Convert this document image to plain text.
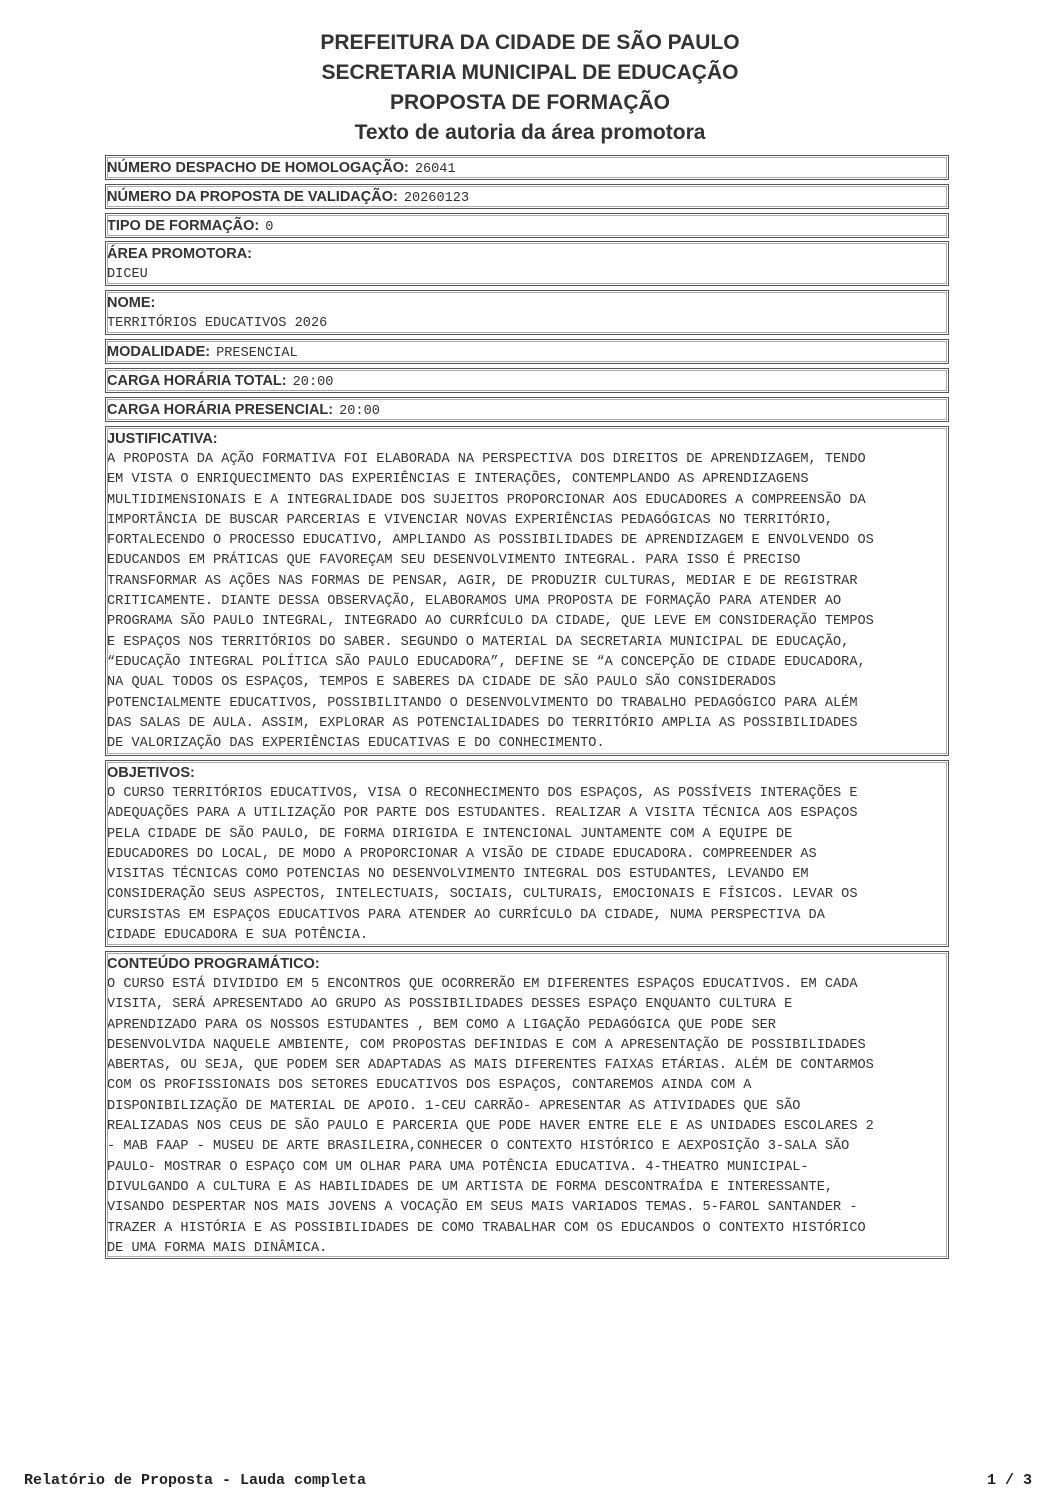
PREFEITURA DA CIDADE DE SÃO PAULO
SECRETARIA MUNICIPAL DE EDUCAÇÃO
PROPOSTA DE FORMAÇÃO
Texto de autoria da área promotora
NÚMERO DESPACHO DE HOMOLOGAÇÃO: 26041
NÚMERO DA PROPOSTA DE VALIDAÇÃO: 20260123
TIPO DE FORMAÇÃO: 0
ÁREA PROMOTORA:
DICEU
NOME:
TERRITÓRIOS EDUCATIVOS 2026
MODALIDADE: PRESENCIAL
CARGA HORÁRIA TOTAL: 20:00
CARGA HORÁRIA PRESENCIAL: 20:00
JUSTIFICATIVA:
A PROPOSTA DA AÇÃO FORMATIVA FOI ELABORADA NA PERSPECTIVA DOS DIREITOS DE APRENDIZAGEM, TENDO
EM VISTA O ENRIQUECIMENTO DAS EXPERIÊNCIAS E INTERAÇÕES, CONTEMPLANDO AS APRENDIZAGENS
MULTIDIMENSIONAIS E A INTEGRALIDADE DOS SUJEITOS PROPORCIONAR AOS EDUCADORES A COMPREENSÃO DA
IMPORTÂNCIA DE BUSCAR PARCERIAS E VIVENCIAR NOVAS EXPERIÊNCIAS PEDAGÓGICAS NO TERRITÓRIO,
FORTALECENDO O PROCESSO EDUCATIVO, AMPLIANDO AS POSSIBILIDADES DE APRENDIZAGEM E ENVOLVENDO OS
EDUCANDOS EM PRÁTICAS QUE FAVOREÇAM SEU DESENVOLVIMENTO INTEGRAL. PARA ISSO É PRECISO
TRANSFORMAR AS AÇÕES NAS FORMAS DE PENSAR, AGIR, DE PRODUZIR CULTURAS, MEDIAR E DE REGISTRAR
CRITICAMENTE. DIANTE DESSA OBSERVAÇÃO, ELABORAMOS UMA PROPOSTA DE FORMAÇÃO PARA ATENDER AO
PROGRAMA SÃO PAULO INTEGRAL, INTEGRADO AO CURRÍCULO DA CIDADE, QUE LEVE EM CONSIDERAÇÃO TEMPOS
E ESPAÇOS NOS TERRITÓRIOS DO SABER. SEGUNDO O MATERIAL DA SECRETARIA MUNICIPAL DE EDUCAÇÃO,
“EDUCAÇÃO INTEGRAL POLÍTICA SÃO PAULO EDUCADORA”, DEFINE SE “A CONCEPÇÃO DE CIDADE EDUCADORA,
NA QUAL TODOS OS ESPAÇOS, TEMPOS E SABERES DA CIDADE DE SÃO PAULO SÃO CONSIDERADOS
POTENCIALMENTE EDUCATIVOS, POSSIBILITANDO O DESENVOLVIMENTO DO TRABALHO PEDAGÓGICO PARA ALÉM
DAS SALAS DE AULA. ASSIM, EXPLORAR AS POTENCIALIDADES DO TERRITÓRIO AMPLIA AS POSSIBILIDADES
DE VALORIZAÇÃO DAS EXPERIÊNCIAS EDUCATIVAS E DO CONHECIMENTO.
OBJETIVOS:
O CURSO TERRITÓRIOS EDUCATIVOS, VISA O RECONHECIMENTO DOS ESPAÇOS, AS POSSÍVEIS INTERAÇÕES E
ADEQUAÇÕES PARA A UTILIZAÇÃO POR PARTE DOS ESTUDANTES. REALIZAR A VISITA TÉCNICA AOS ESPAÇOS
PELA CIDADE DE SÃO PAULO, DE FORMA DIRIGIDA E INTENCIONAL JUNTAMENTE COM A EQUIPE DE
EDUCADORES DO LOCAL, DE MODO A PROPORCIONAR A VISÃO DE CIDADE EDUCADORA. COMPREENDER AS
VISITAS TÉCNICAS COMO POTENCIAS NO DESENVOLVIMENTO INTEGRAL DOS ESTUDANTES, LEVANDO EM
CONSIDERAÇÃO SEUS ASPECTOS, INTELECTUAIS, SOCIAIS, CULTURAIS, EMOCIONAIS E FÍSICOS. LEVAR OS
CURSISTAS EM ESPAÇOS EDUCATIVOS PARA ATENDER AO CURRÍCULO DA CIDADE, NUMA PERSPECTIVA DA
CIDADE EDUCADORA E SUA POTÊNCIA.
CONTEÚDO PROGRAMÁTICO:
O CURSO ESTÁ DIVIDIDO EM 5 ENCONTROS QUE OCORRERÃO EM DIFERENTES ESPAÇOS EDUCATIVOS. EM CADA
VISITA, SERÁ APRESENTADO AO GRUPO AS POSSIBILIDADES DESSES ESPAÇO ENQUANTO CULTURA E
APRENDIZADO PARA OS NOSSOS ESTUDANTES , BEM COMO A LIGAÇÃO PEDAGÓGICA QUE PODE SER
DESENVOLVIDA NAQUELE AMBIENTE, COM PROPOSTAS DEFINIDAS E COM A APRESENTAÇÃO DE POSSIBILIDADES
ABERTAS, OU SEJA, QUE PODEM SER ADAPTADAS AS MAIS DIFERENTES FAIXAS ETÁRIAS. ALÉM DE CONTARMOS
COM OS PROFISSIONAIS DOS SETORES EDUCATIVOS DOS ESPAÇOS, CONTAREMOS AINDA COM A
DISPONIBILIZAÇÃO DE MATERIAL DE APOIO. 1-CEU CARRÃO- APRESENTAR AS ATIVIDADES QUE SÃO
REALIZADAS NOS CEUS DE SÃO PAULO E PARCERIA QUE PODE HAVER ENTRE ELE E AS UNIDADES ESCOLARES 2
- MAB FAAP - MUSEU DE ARTE BRASILEIRA,CONHECER O CONTEXTO HISTÓRICO E AEXPOSIÇÃO 3-SALA SÃO
PAULO- MOSTRAR O ESPAÇO COM UM OLHAR PARA UMA POTÊNCIA EDUCATIVA. 4-THEATRO MUNICIPAL-
DIVULGANDO A CULTURA E AS HABILIDADES DE UM ARTISTA DE FORMA DESCONTRAÍDA E INTERESSANTE,
VISANDO DESPERTAR NOS MAIS JOVENS A VOCAÇÃO EM SEUS MAIS VARIADOS TEMAS. 5-FAROL SANTANDER -
TRAZER A HISTÓRIA E AS POSSIBILIDADES DE COMO TRABALHAR COM OS EDUCANDOS O CONTEXTO HISTÓRICO
DE UMA FORMA MAIS DINÂMICA.
Relatório de Proposta - Lauda completa	1 / 3
